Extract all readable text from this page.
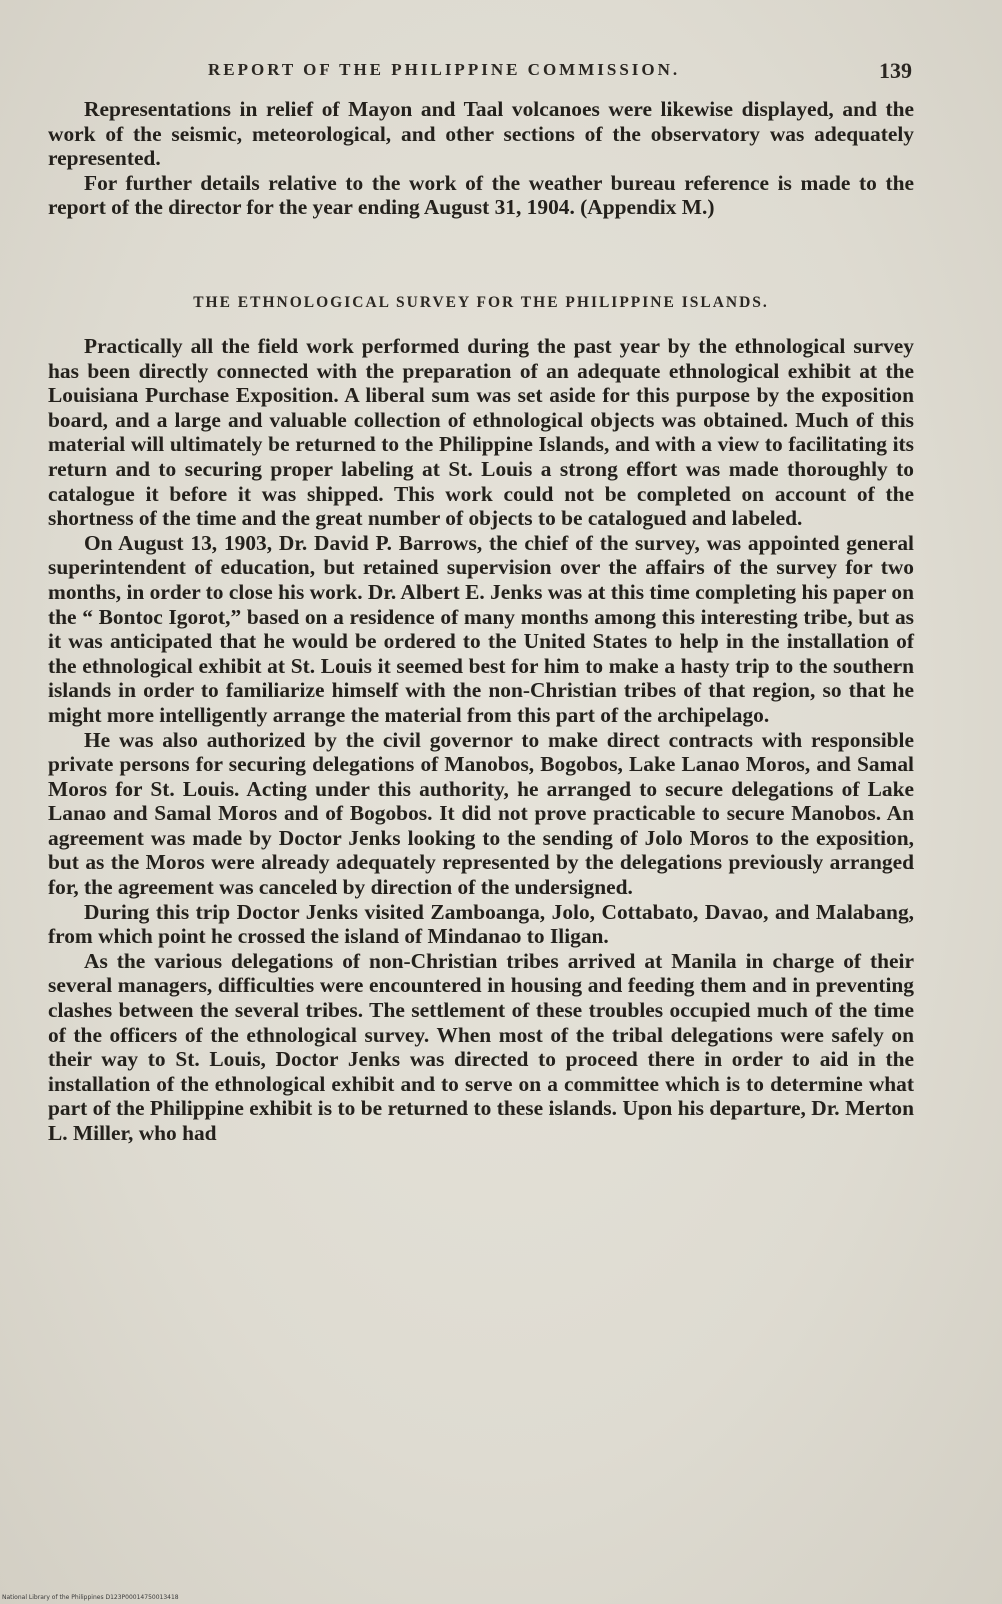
REPORT OF THE PHILIPPINE COMMISSION.	139

Representations in relief of Mayon and Taal volcanoes were likewise displayed, and the work of the seismic, meteorological, and other sections of the observatory was adequately represented.

For further details relative to the work of the weather bureau reference is made to the report of the director for the year ending August 31, 1904. (Appendix M.)

THE ETHNOLOGICAL SURVEY FOR THE PHILIPPINE ISLANDS.

Practically all the field work performed during the past year by the ethnological survey has been directly connected with the preparation of an adequate ethnological exhibit at the Louisiana Purchase Exposition. A liberal sum was set aside for this purpose by the exposition board, and a large and valuable collection of ethnological objects was obtained. Much of this material will ultimately be returned to the Philippine Islands, and with a view to facilitating its return and to securing proper labeling at St. Louis a strong effort was made thoroughly to catalogue it before it was shipped. This work could not be completed on account of the shortness of the time and the great number of objects to be catalogued and labeled.

On August 13, 1903, Dr. David P. Barrows, the chief of the survey, was appointed general superintendent of education, but retained supervision over the affairs of the survey for two months, in order to close his work. Dr. Albert E. Jenks was at this time completing his paper on the “ Bontoc Igorot,” based on a residence of many months among this interesting tribe, but as it was anticipated that he would be ordered to the United States to help in the installation of the ethnological exhibit at St. Louis it seemed best for him to make a hasty trip to the southern islands in order to familiarize himself with the non-Christian tribes of that region, so that he might more intelligently arrange the material from this part of the archipelago.

He was also authorized by the civil governor to make direct contracts with responsible private persons for securing delegations of Manobos, Bogobos, Lake Lanao Moros, and Samal Moros for St. Louis. Acting under this authority, he arranged to secure delegations of Lake Lanao and Samal Moros and of Bogobos. It did not prove practicable to secure Manobos. An agreement was made by Doctor Jenks looking to the sending of Jolo Moros to the exposition, but as the Moros were already adequately represented by the delegations previously arranged for, the agreement was canceled by direction of the undersigned.

During this trip Doctor Jenks visited Zamboanga, Jolo, Cottabato, Davao, and Malabang, from which point he crossed the island of Mindanao to Iligan.

As the various delegations of non-Christian tribes arrived at Manila in charge of their several managers, difficulties were encountered in housing and feeding them and in preventing clashes between the several tribes. The settlement of these troubles occupied much of the time of the officers of the ethnological survey. When most of the tribal delegations were safely on their way to St. Louis, Doctor Jenks was directed to proceed there in order to aid in the installation of the ethnological exhibit and to serve on a committee which is to determine what part of the Philippine exhibit is to be returned to these islands. Upon his departure, Dr. Merton L. Miller, who had

National Library of the Philippines D123P00014750013418
